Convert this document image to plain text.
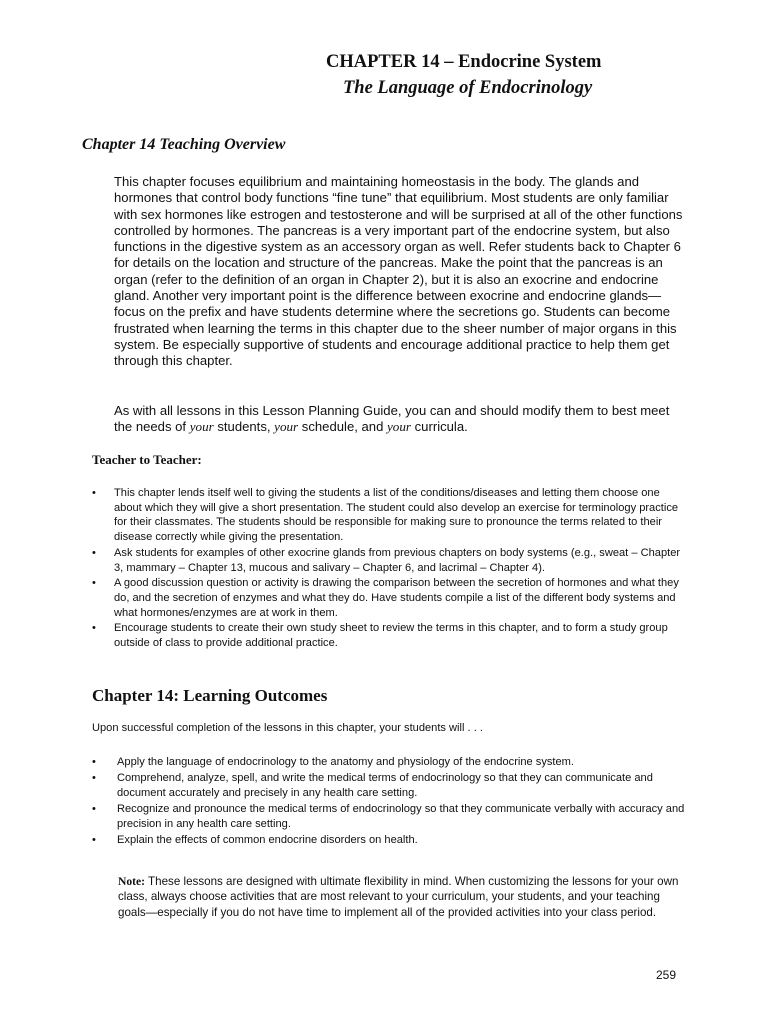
CHAPTER 14 – Endocrine System
The Language of Endocrinology
Chapter 14 Teaching Overview
This chapter focuses equilibrium and maintaining homeostasis in the body. The glands and hormones that control body functions “fine tune” that equilibrium. Most students are only familiar with sex hormones like estrogen and testosterone and will be surprised at all of the other functions controlled by hormones. The pancreas is a very important part of the endocrine system, but also functions in the digestive system as an accessory organ as well. Refer students back to Chapter 6 for details on the location and structure of the pancreas. Make the point that the pancreas is an organ (refer to the definition of an organ in Chapter 2), but it is also an exocrine and endocrine gland. Another very important point is the difference between exocrine and endocrine glands—focus on the prefix and have students determine where the secretions go. Students can become frustrated when learning the terms in this chapter due to the sheer number of major organs in this system. Be especially supportive of students and encourage additional practice to help them get through this chapter.
As with all lessons in this Lesson Planning Guide, you can and should modify them to best meet the needs of your students, your schedule, and your curricula.
Teacher to Teacher:
•	This chapter lends itself well to giving the students a list of the conditions/diseases and letting them choose one about which they will give a short presentation. The student could also develop an exercise for terminology practice for their classmates. The students should be responsible for making sure to pronounce the terms related to their disease correctly while giving the presentation.
•	Ask students for examples of other exocrine glands from previous chapters on body systems (e.g., sweat – Chapter 3, mammary – Chapter 13, mucous and salivary – Chapter 6, and lacrimal – Chapter 4).
•	A good discussion question or activity is drawing the comparison between the secretion of hormones and what they do, and the secretion of enzymes and what they do. Have students compile a list of the different body systems and what hormones/enzymes are at work in them.
•	Encourage students to create their own study sheet to review the terms in this chapter, and to form a study group outside of class to provide additional practice.
Chapter 14: Learning Outcomes
Upon successful completion of the lessons in this chapter, your students will . . .
•	Apply the language of endocrinology to the anatomy and physiology of the endocrine system.
•	Comprehend, analyze, spell, and write the medical terms of endocrinology so that they can communicate and document accurately and precisely in any health care setting.
•	Recognize and pronounce the medical terms of endocrinology so that they communicate verbally with accuracy and precision in any health care setting.
•	Explain the effects of common endocrine disorders on health.
Note: These lessons are designed with ultimate flexibility in mind. When customizing the lessons for your own class, always choose activities that are most relevant to your curriculum, your students, and your teaching goals—especially if you do not have time to implement all of the provided activities into your class period.
259
